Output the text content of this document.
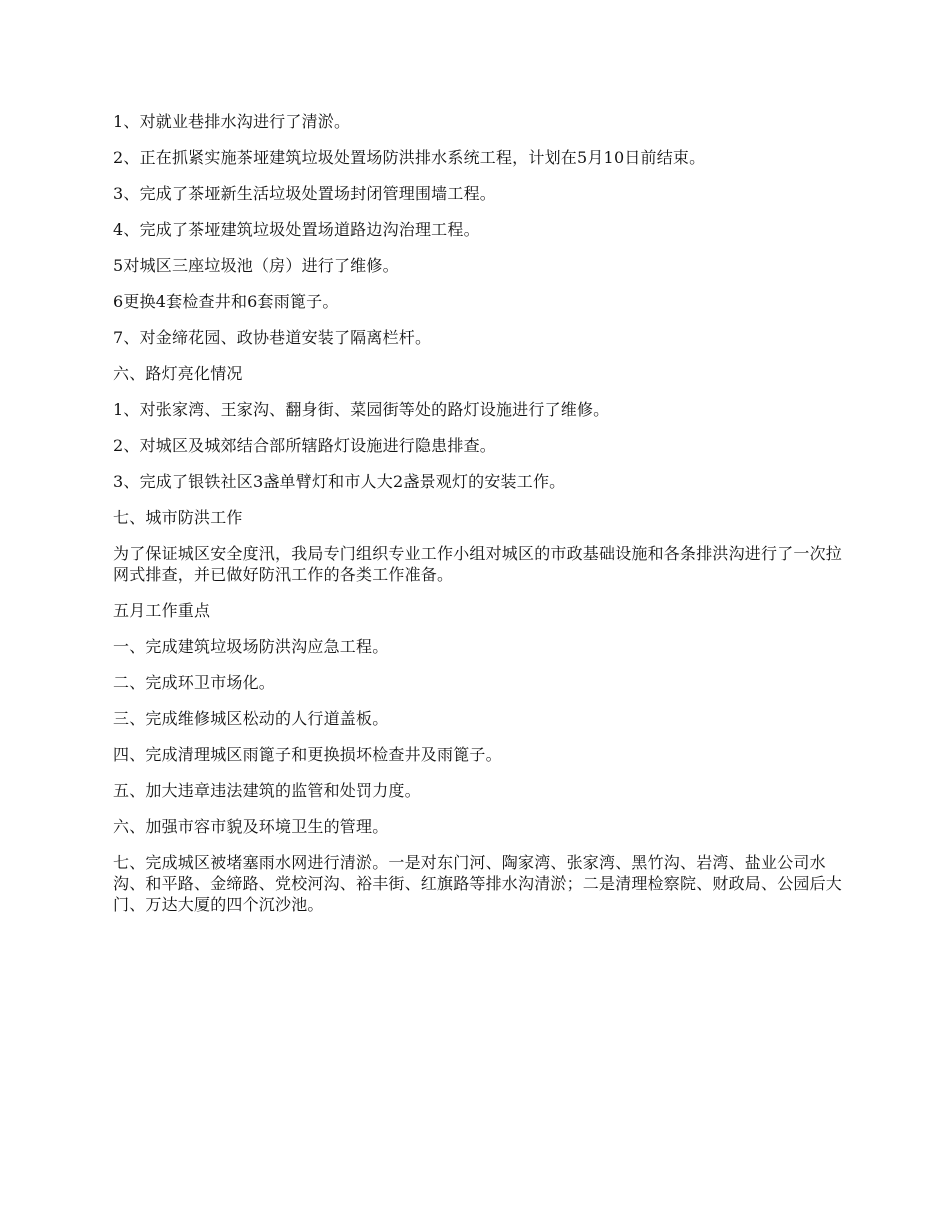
1、对就业巷排水沟进行了清淤。

2、正在抓紧实施茶垭建筑垃圾处置场防洪排水系统工程，计划在5月10日前结束。

3、完成了茶垭新生活垃圾处置场封闭管理围墙工程。

4、完成了茶垭建筑垃圾处置场道路边沟治理工程。

5对城区三座垃圾池（房）进行了维修。

6更换4套检查井和6套雨篦子。

7、对金缔花园、政协巷道安装了隔离栏杆。

六、路灯亮化情况

1、对张家湾、王家沟、翻身街、菜园街等处的路灯设施进行了维修。

2、对城区及城郊结合部所辖路灯设施进行隐患排查。

3、完成了银铁社区3盏单臂灯和市人大2盏景观灯的安装工作。

七、城市防洪工作

为了保证城区安全度汛，我局专门组织专业工作小组对城区的市政基础设施和各条排洪沟进行了一次拉网式排查，并已做好防汛工作的各类工作准备。

五月工作重点

一、完成建筑垃圾场防洪沟应急工程。

二、完成环卫市场化。

三、完成维修城区松动的人行道盖板。

四、完成清理城区雨篦子和更换损坏检查井及雨篦子。

五、加大违章违法建筑的监管和处罚力度。

六、加强市容市貌及环境卫生的管理。

七、完成城区被堵塞雨水网进行清淤。一是对东门河、陶家湾、张家湾、黑竹沟、岩湾、盐业公司水沟、和平路、金缔路、党校河沟、裕丰街、红旗路等排水沟清淤；二是清理检察院、财政局、公园后大门、万达大厦的四个沉沙池。
